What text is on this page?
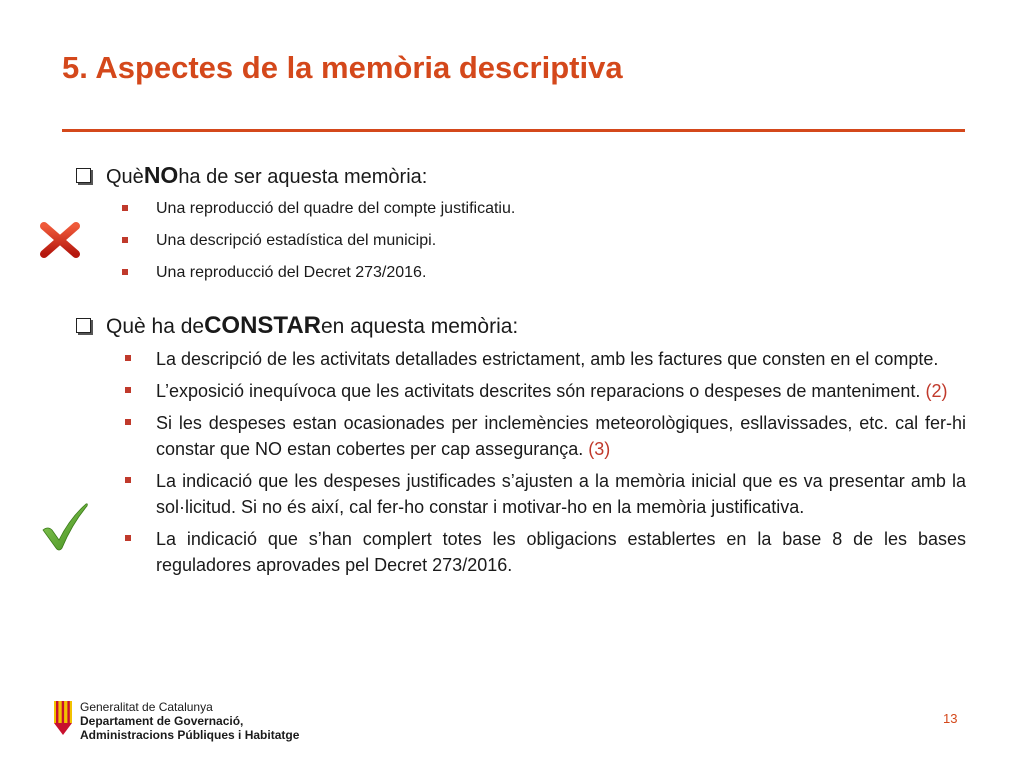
5. Aspectes de la memòria descriptiva
Què NO ha de ser aquesta memòria:
Una reproducció del quadre del compte justificatiu.
Una descripció estadística del municipi.
Una reproducció del Decret 273/2016.
Què ha de CONSTAR en aquesta memòria:
La descripció de les activitats detallades estrictament, amb les factures que consten en el compte.
L’exposició inequívoca que les activitats descrites són reparacions o despeses de manteniment. (2)
Si les despeses estan ocasionades per inclemències meteorològiques, esllavissades, etc. cal fer-hi constar que NO estan cobertes per cap assegurança. (3)
La indicació que les despeses justificades s’ajusten a la memòria inicial que es va presentar amb la sol·licitud. Si no és així, cal fer-ho constar i motivar-ho en la memòria justificativa.
La indicació que s’han complert totes les obligacions establertes en la base 8 de les bases reguladores aprovades pel Decret 273/2016.
Generalitat de Catalunya
Departament de Governació,
Administracions Públiques i Habitatge
13
